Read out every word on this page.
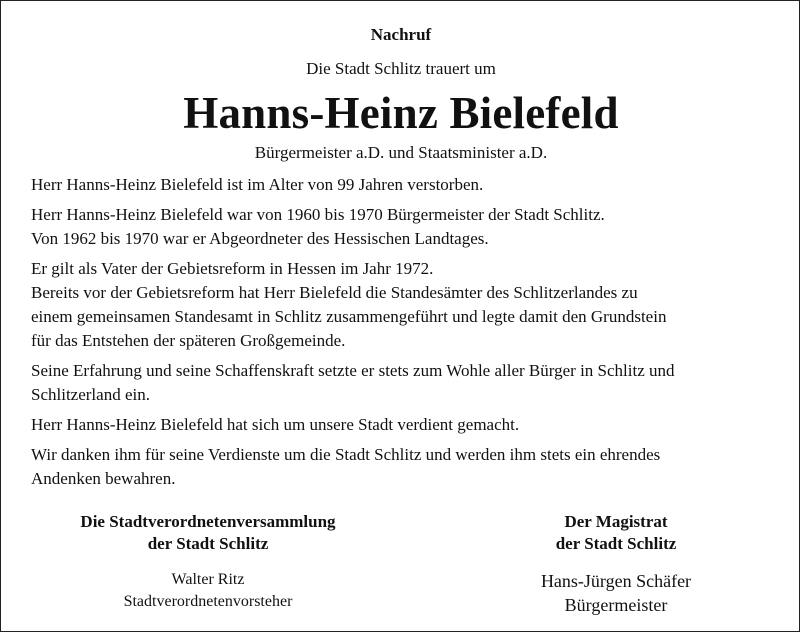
Nachruf
Die Stadt Schlitz trauert um
Hanns-Heinz Bielefeld
Bürgermeister a.D. und Staatsminister a.D.

Herr Hanns-Heinz Bielefeld ist im Alter von 99 Jahren verstorben.

Herr Hanns-Heinz Bielefeld war von 1960 bis 1970 Bürgermeister der Stadt Schlitz.
Von 1962 bis 1970 war er Abgeordneter des Hessischen Landtages.

Er gilt als Vater der Gebietsreform in Hessen im Jahr 1972.
Bereits vor der Gebietsreform hat Herr Bielefeld die Standesämter des Schlitzerlandes zu
einem gemeinsamen Standesamt in Schlitz zusammengeführt und legte damit den Grundstein
für das Entstehen der späteren Großgemeinde.

Seine Erfahrung und seine Schaffenskraft setzte er stets zum Wohle aller Bürger in Schlitz und
Schlitzerland ein.

Herr Hanns-Heinz Bielefeld hat sich um unsere Stadt verdient gemacht.

Wir danken ihm für seine Verdienste um die Stadt Schlitz und werden ihm stets ein ehrendes
Andenken bewahren.

Die Stadtverordnetenversammlung
der Stadt Schlitz
Walter Ritz
Stadtverordnetenvorsteher
Der Magistrat
der Stadt Schlitz
Hans-Jürgen Schäfer
Bürgermeister
